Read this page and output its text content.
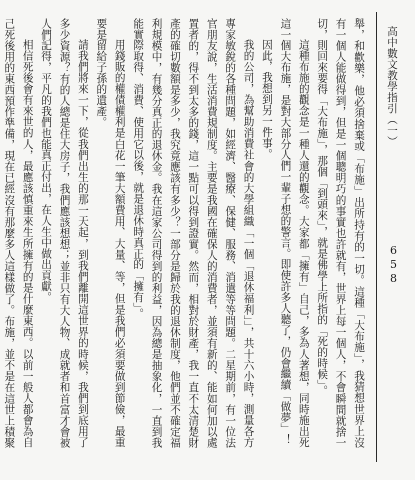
高中數文教學指引（一）
658

舉，和歡樂，他必須捨棄或「布施」出所持有的一切。這種「大布施」，我猜想世界上沒有一個人能做得到，但是一個聰明巧的事實也許就有，世界上每一個人，不會瞬間就捨一切，則回來要得「大布施」，那個「到頭來」，就是佛學上所指的「死的時候」。

這種布施的觀念是一種人還的觀念。大家都「擁有」自己，多為人著想，同時施出死這一個大布施，是對大部分人們一輩子想的警言。即使許多人聽了，仍會繼續「做夢」！

因此，我想到另一件事。

我的公司，為幫助消費社會的大學組織「一個「退休福利」」，共十六小時，測量各方專家敏銳的各種問題，如經濟、醫療、保健、服務、消遣等等問題。二星期前，有一位法官朋友說，生活消費規制度。主要是我國在確保人的消費者，並須有新的、能如何加以處置者的，得不到太多的錢，這一點可以得到證實。然而，相對於財產，我一直不太清楚財產的確切數額是多少，我究竟應該有多少？一部分是歸於我的退休制度，他們並不確定福利規模中，有幾分真正的退休金。我在這家公司得到的利益，因為總是抽象化，一直到我能實際取得、消費、使用它以後，就是退休時真正的「擁有」。

用錢販的權債權利是白花一筆大額費用、大量、等，但是我們必須要做到節儉，最重要是留給子孫的遺產。

請我們將來一下，從我們出生的那一天起，到我們離開這世界的時候，我們到底用了多少資源？有的人總是住大房子，我們應該想想；並非只有大人物、成就者和首富才會被人們記得，平凡的我們也能真正付出，在人生中做出貢獻。

相信死後會有來世的人，最應該慎重來生所擁有的是什麼東西。以前一般人都會為自己死後用的東西預作準備，現在已經沒有那麼多人這樣做了。布施，並不是在這世上積聚
